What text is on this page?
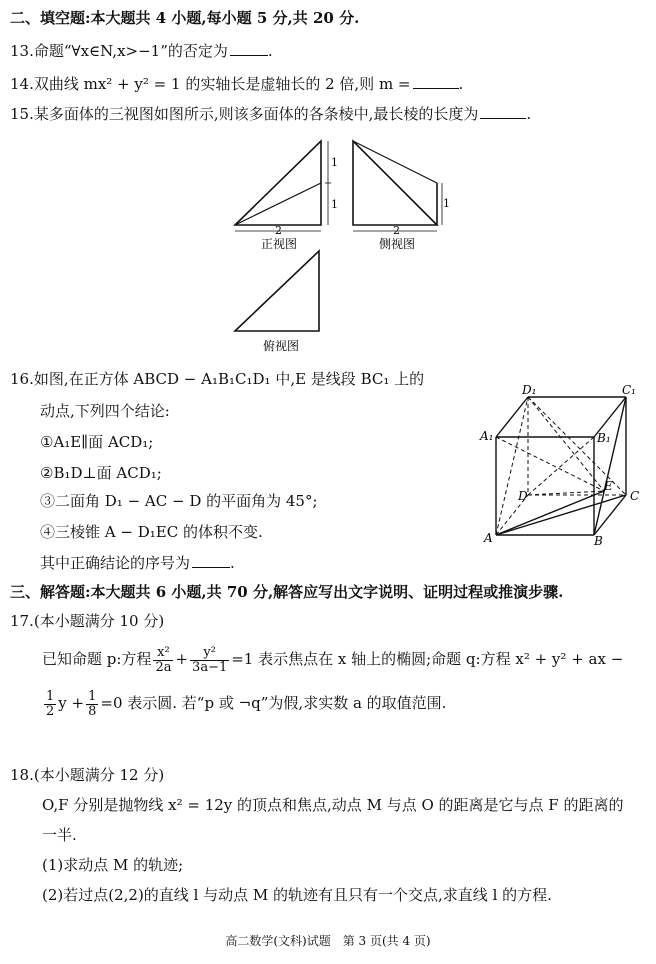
二、填空题:本大题共 4 小题,每小题 5 分,共 20 分.
13.命题“∀x∈N,x>−1”的否定为	.
14.双曲线 mx² + y² = 1 的实轴长是虚轴长的 2 倍,则 m =	.
15.某多面体的三视图如图所示,则该多面体的各条棱中,最长棱的长度为	.
2
1
1
正视图
2
1
侧视图
俯视图
16.如图,在正方体 ABCD − A₁B₁C₁D₁ 中,E 是线段 BC₁ 上的
动点,下列四个结论:
①A₁E∥面 ACD₁;
②B₁D⊥面 ACD₁;
③二面角 D₁ − AC − D 的平面角为 45°;
④三棱锥 A − D₁EC 的体积不变.
其中正确结论的序号为	.
D₁	C₁
A₁	B₁
D	C
E
A	B
三、解答题:本大题共 6 小题,共 70 分,解答应写出文字说明、证明过程或推演步骤.
17.(本小题满分 10 分)
已知命题 p:方程 $\frac{\text{x²}}{2a} + \frac{\text{y²}}{3a-1} =1$ 表示焦点在 x 轴上的椭圆;命题 q:方程 x² + y² + ax −
$\frac{1}{2}$ $y + \frac{1}{8} =0$ 表示圆. 若“p 或 ¬q”为假,求实数 a 的取值范围.
18.(本小题满分 12 分)
O,F 分别是抛物线 x² = 12y 的顶点和焦点,动点 M 与点 O 的距离是它与点 F 的距离的
一半.
(1)求动点 M 的轨迹;
(2)若过点(2,2)的直线 l 与动点 M 的轨迹有且只有一个交点,求直线 l 的方程.
高二数学(文科)试题　第 3 页(共 4 页)
